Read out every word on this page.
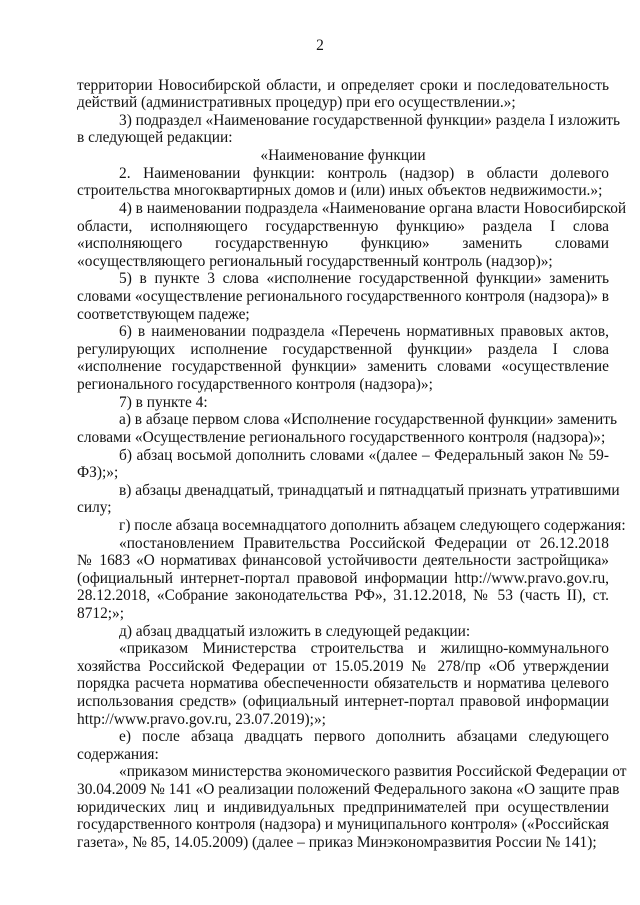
2

территории Новосибирской области, и определяет сроки и последовательность

действий (административных процедур) при его осуществлении.»;

3) подраздел «Наименование государственной функции» раздела I изложить

в следующей редакции:

«Наименование функции

2. Наименовании функции: контроль (надзор) в области долевого

строительства многоквартирных домов и (или) иных объектов недвижимости.»;

4) в наименовании подраздела «Наименование органа власти Новосибирской

области, исполняющего государственную функцию» раздела I слова

«исполняющего государственную функцию» заменить словами

«осуществляющего региональный государственный контроль (надзор)»;

5) в пункте 3 слова «исполнение государственной функции» заменить

словами «осуществление регионального государственного контроля (надзора)» в

соответствующем падеже;

6) в наименовании подраздела «Перечень нормативных правовых актов,

регулирующих исполнение государственной функции» раздела I слова

«исполнение государственной функции» заменить словами «осуществление

регионального государственного контроля (надзора)»;

7) в пункте 4:

а) в абзаце первом слова «Исполнение государственной функции» заменить

словами «Осуществление регионального государственного контроля (надзора)»;

б) абзац восьмой дополнить словами «(далее – Федеральный закон № 59-

ФЗ);»;

в) абзацы двенадцатый, тринадцатый и пятнадцатый признать утратившими

силу;

г) после абзаца восемнадцатого дополнить абзацем следующего содержания:

«постановлением Правительства Российской Федерации от 26.12.2018

№ 1683 «О нормативах финансовой устойчивости деятельности застройщика»

(официальный интернет-портал правовой информации http://www.pravo.gov.ru,

28.12.2018, «Собрание законодательства РФ», 31.12.2018, № 53 (часть II), ст.

8712;»;

д) абзац двадцатый изложить в следующей редакции:

«приказом Министерства строительства и жилищно-коммунального

хозяйства Российской Федерации от 15.05.2019 № 278/пр «Об утверждении

порядка расчета норматива обеспеченности обязательств и норматива целевого

использования средств» (официальный интернет-портал правовой информации

http://www.pravo.gov.ru, 23.07.2019);»;

е) после абзаца двадцать первого дополнить абзацами следующего

содержания:

«приказом министерства экономического развития Российской Федерации от

30.04.2009 № 141 «О реализации положений Федерального закона «О защите прав

юридических лиц и индивидуальных предпринимателей при осуществлении

государственного контроля (надзора) и муниципального контроля» («Российская

газета», № 85, 14.05.2009) (далее – приказ Минэкономразвития России № 141);
